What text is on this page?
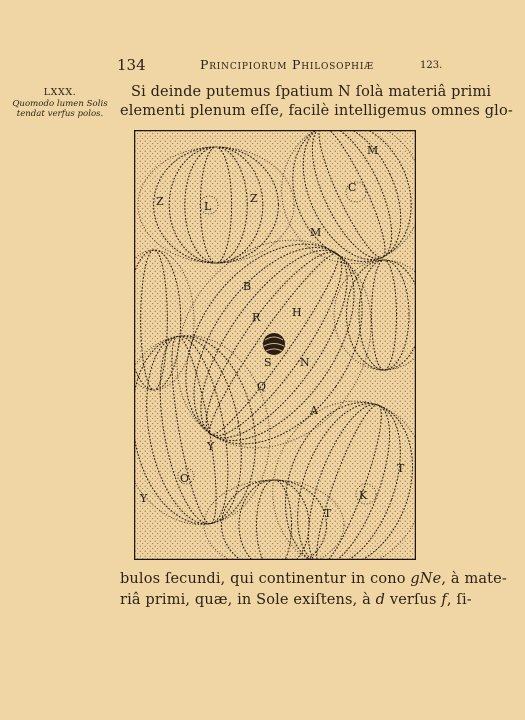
134	Principiorum Philosophiæ	123.
LXXX.
Quomodo lumen Solis tendat verfus polos.
Si deinde putemus ſpatium N ſolà materiâ primi
elementi plenum eſſe, facilè intelligemus omnes glo-
M
C
Z	L
Z
M
B
H
R
S	N
Q
A
Y
O
Y
T
K
T
bulos ſecundi, qui continentur in cono gNe, à mate-
riâ primi, quæ, in Sole exiſtens, à d verſus f, ſi-
